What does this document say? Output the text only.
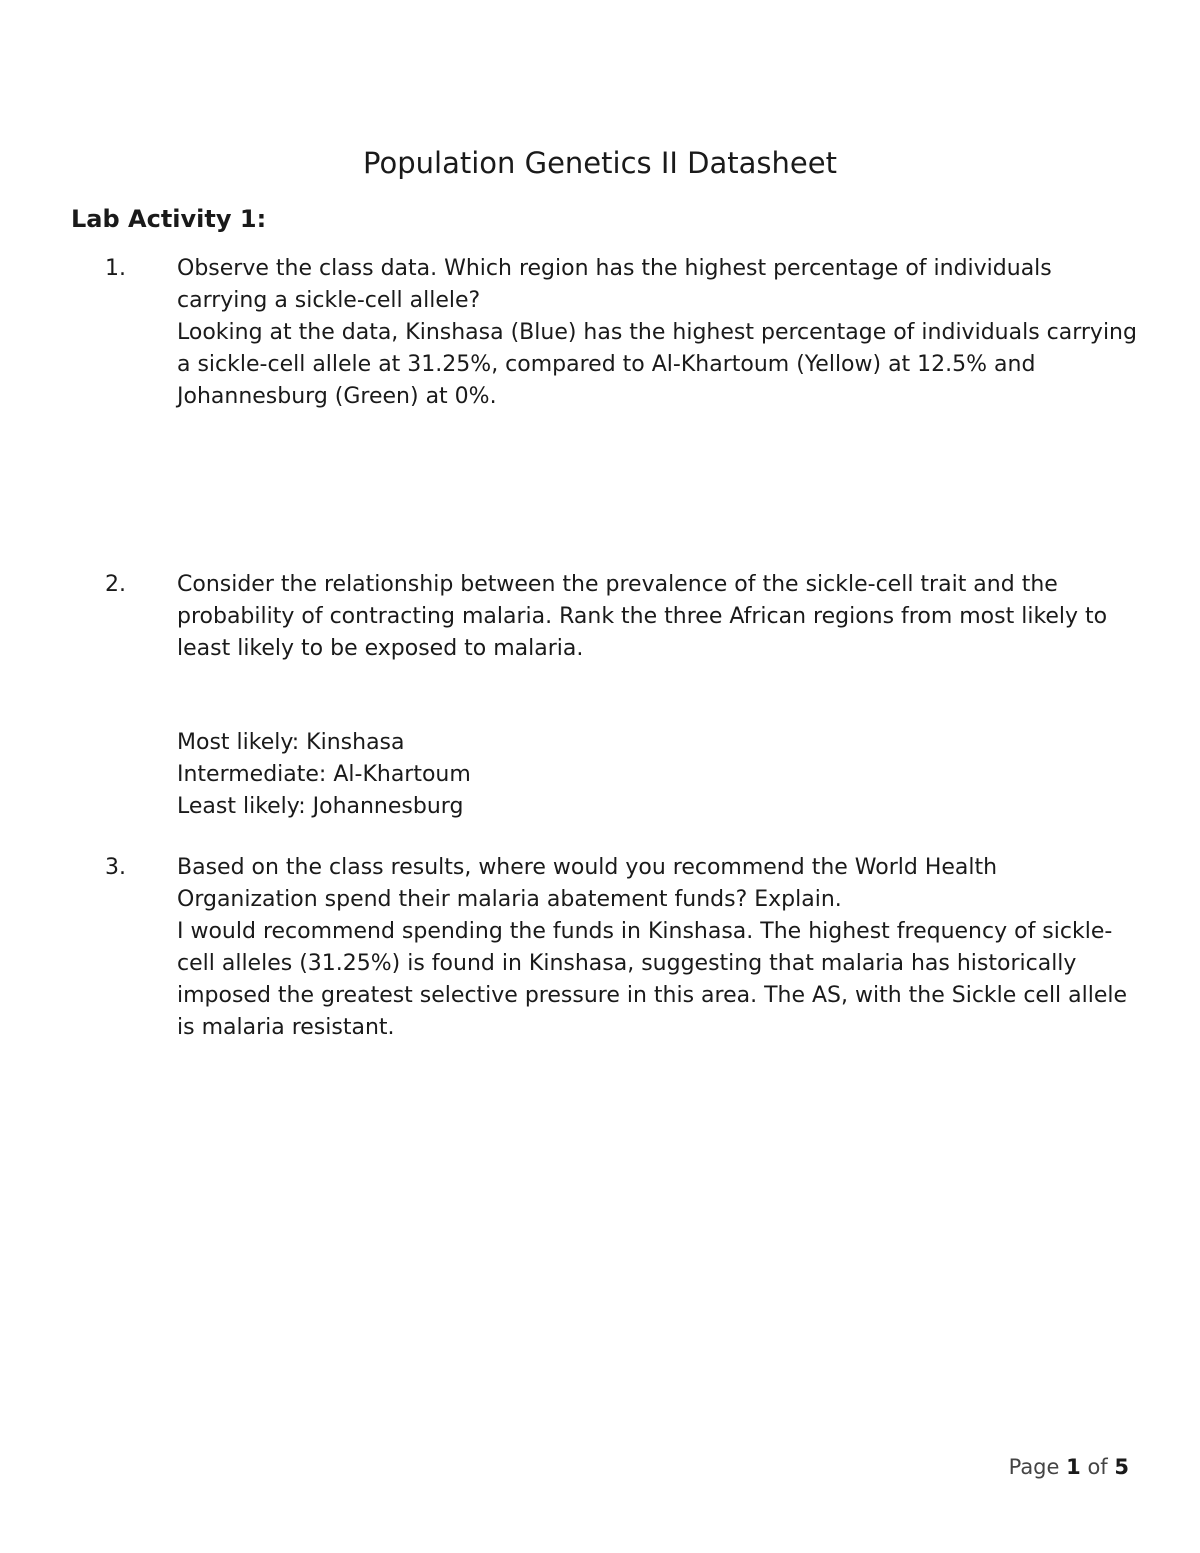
Population Genetics II Datasheet
Lab Activity 1:
1. Observe the class data. Which region has the highest percentage of individuals carrying a sickle-cell allele?

Looking at the data, Kinshasa (Blue) has the highest percentage of individuals carrying a sickle-cell allele at 31.25%, compared to Al-Khartoum (Yellow) at 12.5% and Johannesburg (Green) at 0%.

2. Consider the relationship between the prevalence of the sickle-cell trait and the probability of contracting malaria. Rank the three African regions from most likely to least likely to be exposed to malaria.

Most likely: Kinshasa

Intermediate: Al-Khartoum

Least likely: Johannesburg

3. Based on the class results, where would you recommend the World Health Organization spend their malaria abatement funds? Explain.

I would recommend spending the funds in Kinshasa. The highest frequency of sickle-cell alleles (31.25%) is found in Kinshasa, suggesting that malaria has historically imposed the greatest selective pressure in this area. The AS, with the Sickle cell allele is malaria resistant.

Page 1 of 5
